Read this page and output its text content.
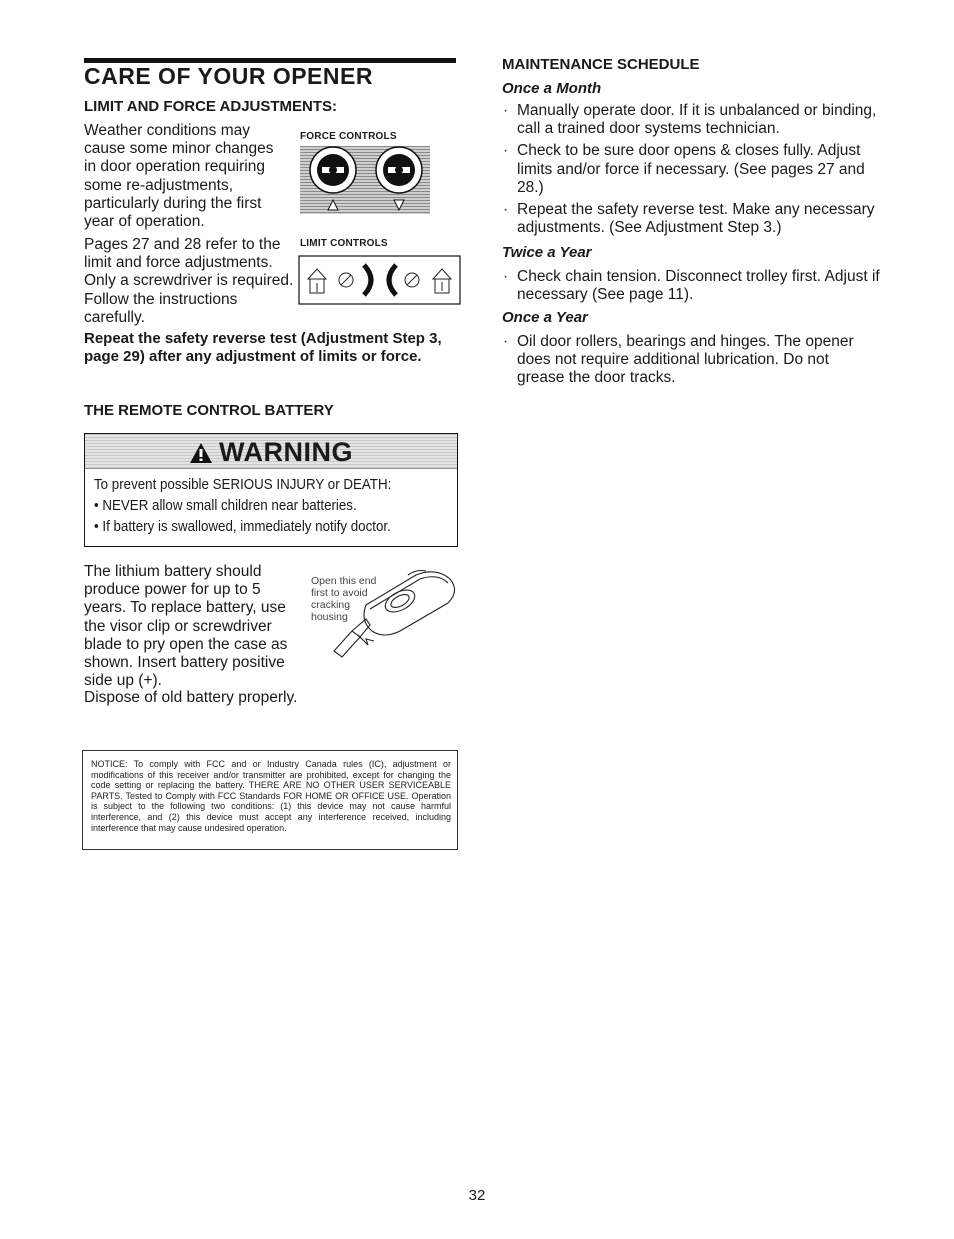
CARE OF YOUR OPENER
LIMIT AND FORCE ADJUSTMENTS:

Weather conditions may cause some minor changes in door operation requiring some re-adjustments, particularly during the first year of operation.

Pages 27 and 28 refer to the limit and force adjustments. Only a screwdriver is required. Follow the instructions carefully.

FORCE CONTROLS
LIMIT CONTROLS

Repeat the safety reverse test (Adjustment Step 3, page 29) after any adjustment of limits or force.

THE REMOTE CONTROL BATTERY
WARNING
To prevent possible SERIOUS INJURY or DEATH:
• NEVER allow small children near batteries.
• If battery is swallowed, immediately notify doctor.

The lithium battery should produce power for up to 5 years. To replace battery, use the visor clip or screwdriver blade to pry open the case as shown. Insert battery positive side up (+).

Dispose of old battery properly.

Open this end
first to avoid
cracking
housing

NOTICE: To comply with FCC and or Industry Canada rules (IC), adjustment or modifications of this receiver and/or transmitter are prohibited, except for changing the code setting or replacing the battery. THERE ARE NO OTHER USER SERVICEABLE PARTS. Tested to Comply with FCC Standards FOR HOME OR OFFICE USE. Operation is subject to the following two conditions: (1) this device may not cause harmful interference, and (2) this device must accept any interference received, including interference that may cause undesired operation.

MAINTENANCE SCHEDULE
Once a Month
· Manually operate door. If it is unbalanced or binding, call a trained door systems technician.
· Check to be sure door opens & closes fully. Adjust limits and/or force if necessary. (See pages 27 and 28.)
· Repeat the safety reverse test. Make any necessary adjustments. (See Adjustment Step 3.)
Twice a Year
· Check chain tension. Disconnect trolley first. Adjust if necessary (See page 11).
Once a Year
· Oil door rollers, bearings and hinges. The opener does not require additional lubrication. Do not grease the door tracks.
32
